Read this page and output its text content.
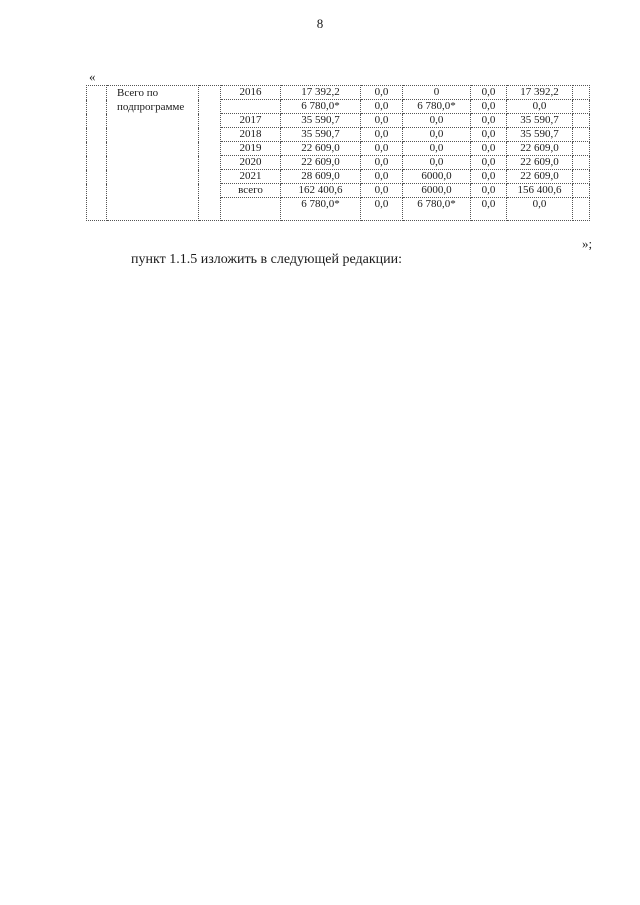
8
«
	Всего по подпрограмме		2016	17 392,2	0,0	0	0,0	17 392,2	
				6 780,0*	0,0	6 780,0*	0,0	0,0	
			2017	35 590,7	0,0	0,0	0,0	35 590,7	
			2018	35 590,7	0,0	0,0	0,0	35 590,7	
			2019	22 609,0	0,0	0,0	0,0	22 609,0	
			2020	22 609,0	0,0	0,0	0,0	22 609,0	
			2021	28 609,0	0,0	6000,0	0,0	22 609,0	
			всего	162 400,6	0,0	6000,0	0,0	156 400,6	
				6 780,0*	0,0	6 780,0*	0,0	0,0	
»;
пункт 1.1.5 изложить в следующей редакции:
